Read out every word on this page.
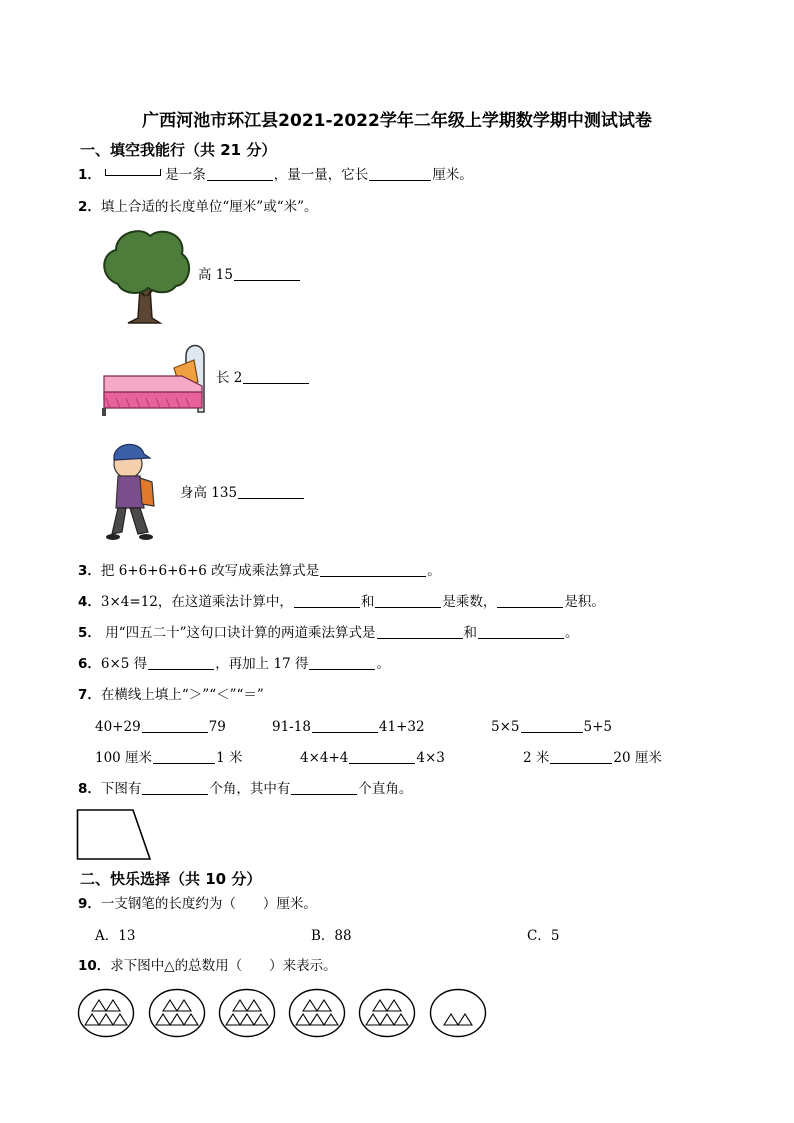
广西河池市环江县2021-2022学年二年级上学期数学期中测试试卷
一、填空我能行（共 21 分）
1．	是一条	，量一量，它长	厘米。
2．填上合适的长度单位“厘米”或“米”。
高 15
长 2
身高 135
3．把 6+6+6+6+6 改写成乘法算式是	。
4．3×4=12，在这道乘法计算中，	和	是乘数，	是积。
5． 用“四五二十”这句口诀计算的两道乘法算式是	和	。
6．6×5 得	，再加上 17 得	。
7．在横线上填上“＞”“＜”“＝”
40+29	79	91-18	41+32	5×5	5+5
100 厘米	1 米	4×4+4	4×3	2 米	20 厘米
8．下图有	个角，其中有	个直角。
二、快乐选择（共 10 分）
9．一支钢笔的长度约为（　　）厘米。
A．13	B．88	C．5
10．求下图中△的总数用（　　）来表示。
